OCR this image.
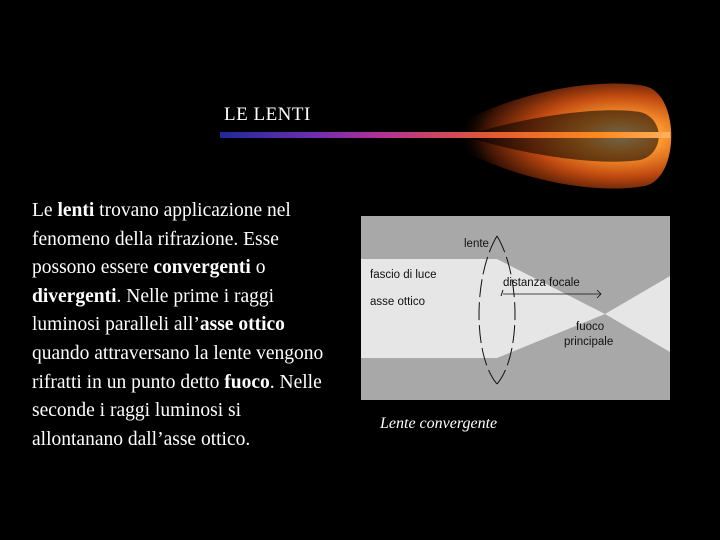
LE LENTI

Le lenti trovano applicazione nel fenomeno della rifrazione. Esse possono essere convergenti o divergenti. Nelle prime i raggi luminosi paralleli all’asse ottico quando attraversano la lente vengono rifratti in un punto detto fuoco. Nelle seconde i raggi luminosi si allontanano dall’asse ottico.

lente
fascio di luce
asse ottico
distanza focale
fuoco
principale
Lente convergente
